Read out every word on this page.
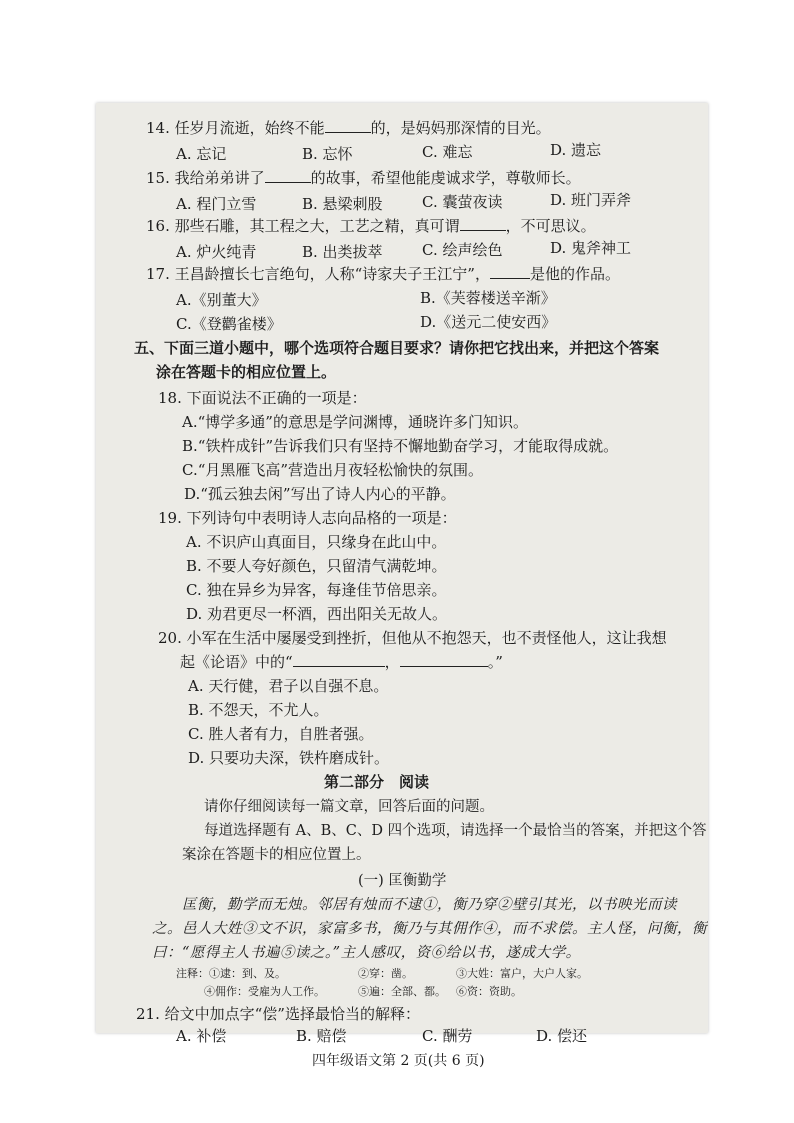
14. 任岁月流逝，始终不能	的，是妈妈那深情的目光。
A. 忘记	B. 忘怀	C. 难忘	D. 遗忘
15. 我给弟弟讲了	的故事，希望他能虔诚求学，尊敬师长。
A. 程门立雪	B. 悬梁刺股	C. 囊萤夜读	D. 班门弄斧
16. 那些石雕，其工程之大，工艺之精，真可谓	，不可思议。
A. 炉火纯青	B. 出类拔萃	C. 绘声绘色	D. 鬼斧神工
17. 王昌龄擅长七言绝句，人称“诗家夫子王江宁”，	是他的作品。
A.《别董大》	B.《芙蓉楼送辛渐》
C.《登鹳雀楼》	D.《送元二使安西》
五、下面三道小题中，哪个选项符合题目要求？请你把它找出来，并把这个答案
涂在答题卡的相应位置上。
18. 下面说法不正确的一项是：
A.“博学多通”的意思是学问渊博，通晓许多门知识。
B.“铁杵成针”告诉我们只有坚持不懈地勤奋学习，才能取得成就。
C.“月黑雁飞高”营造出月夜轻松愉快的氛围。
D.“孤云独去闲”写出了诗人内心的平静。
19. 下列诗句中表明诗人志向品格的一项是：
A. 不识庐山真面目，只缘身在此山中。
B. 不要人夸好颜色，只留清气满乾坤。
C. 独在异乡为异客，每逢佳节倍思亲。
D. 劝君更尽一杯酒，西出阳关无故人。
20. 小军在生活中屡屡受到挫折，但他从不抱怨天，也不责怪他人，这让我想
起《论语》中的“	，	。”
A. 天行健，君子以自强不息。
B. 不怨天，不尤人。
C. 胜人者有力，自胜者强。
D. 只要功夫深，铁杵磨成针。
第二部分　阅读
请你仔细阅读每一篇文章，回答后面的问题。
每道选择题有 A、B、C、D 四个选项，请选择一个最恰当的答案，并把这个答
案涂在答题卡的相应位置上。
(一) 匡衡勤学
匡衡，勤学而无烛。邻居有烛而不逮①，衡乃穿②壁引其光，以书映光而读
之。邑人大姓③文不识，家富多书，衡乃与其佣作④，而不求偿。主人怪，问衡，衡
曰：“愿得主人书遍⑤读之。”主人感叹，资⑥给以书，遂成大学。
注释：①逮：到、及。	②穿：凿。	③大姓：富户，大户人家。
④佣作：受雇为人工作。	⑤遍：全部、都。 ⑥资：资助。
21. 给文中加点字“偿”选择最恰当的解释：
A. 补偿	B. 赔偿	C. 酬劳	D. 偿还
四年级语文第 2 页(共 6 页)
